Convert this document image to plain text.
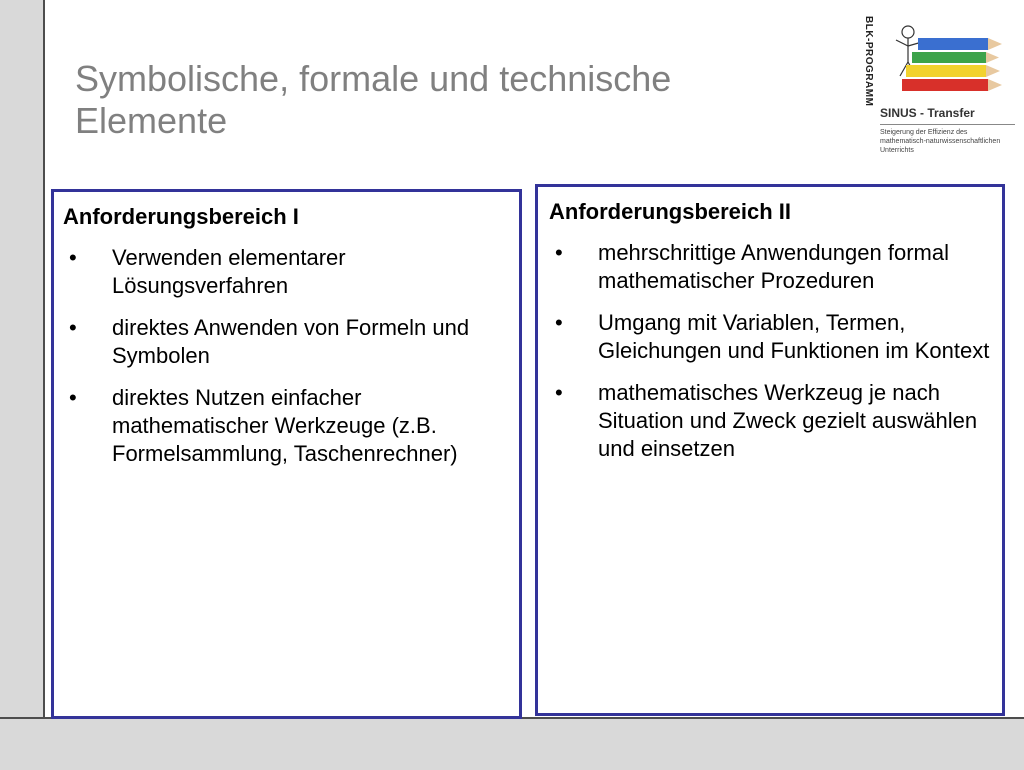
Symbolische, formale und technische Elemente
BLK-PROGRAMM
SINUS - Transfer
Steigerung der Effizienz des mathematisch-naturwissenschaftlichen Unterrichts
Anforderungsbereich I
• Verwenden elementarer Lösungsverfahren
• direktes Anwenden von Formeln und Symbolen
• direktes Nutzen einfacher mathematischer Werkzeuge (z.B. Formelsammlung, Taschenrechner)
Anforderungsbereich II
• mehrschrittige Anwendungen formal mathematischer Prozeduren
• Umgang mit Variablen, Termen, Gleichungen und Funktionen im Kontext
• mathematisches Werkzeug je nach Situation und Zweck gezielt auswählen und einsetzen
